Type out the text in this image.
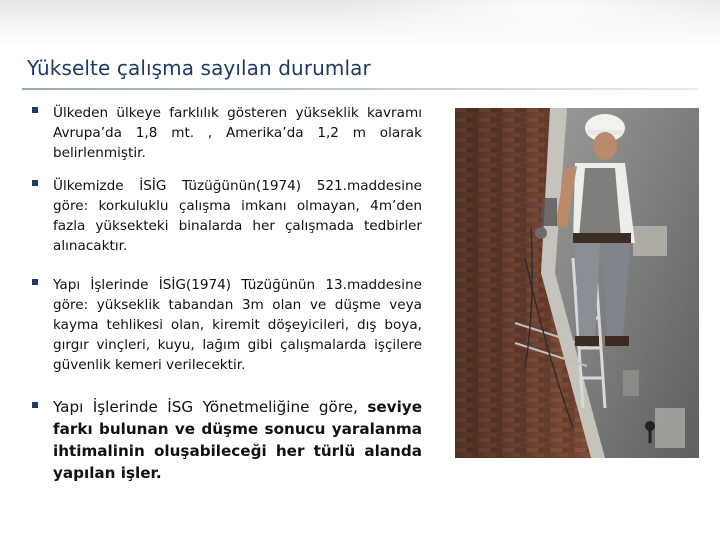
Yükselte çalışma sayılan durumlar

Ülkeden ülkeye farklılık gösteren yükseklik kavramı Avrupa’da 1,8 mt. , Amerika’da 1,2 m olarak belirlenmiştir.

Ülkemizde İSİG Tüzüğünün(1974) 521.maddesine göre: korkuluklu çalışma imkanı olmayan, 4m’den fazla yüksekteki binalarda her çalışmada tedbirler alınacaktır.

Yapı İşlerinde İSİG(1974) Tüzüğünün 13.maddesine göre: yükseklik tabandan 3m olan ve düşme veya kayma tehlikesi olan, kiremit döşeyicileri, dış boya, gırgır vinçleri, kuyu, lağım gibi çalışmalarda işçilere güvenlik kemeri verilecektir.

Yapı İşlerinde İSG Yönetmeliğine göre, seviye farkı bulunan ve düşme sonucu yaralanma ihtimalinin oluşabileceği her türlü alanda yapılan işler.
